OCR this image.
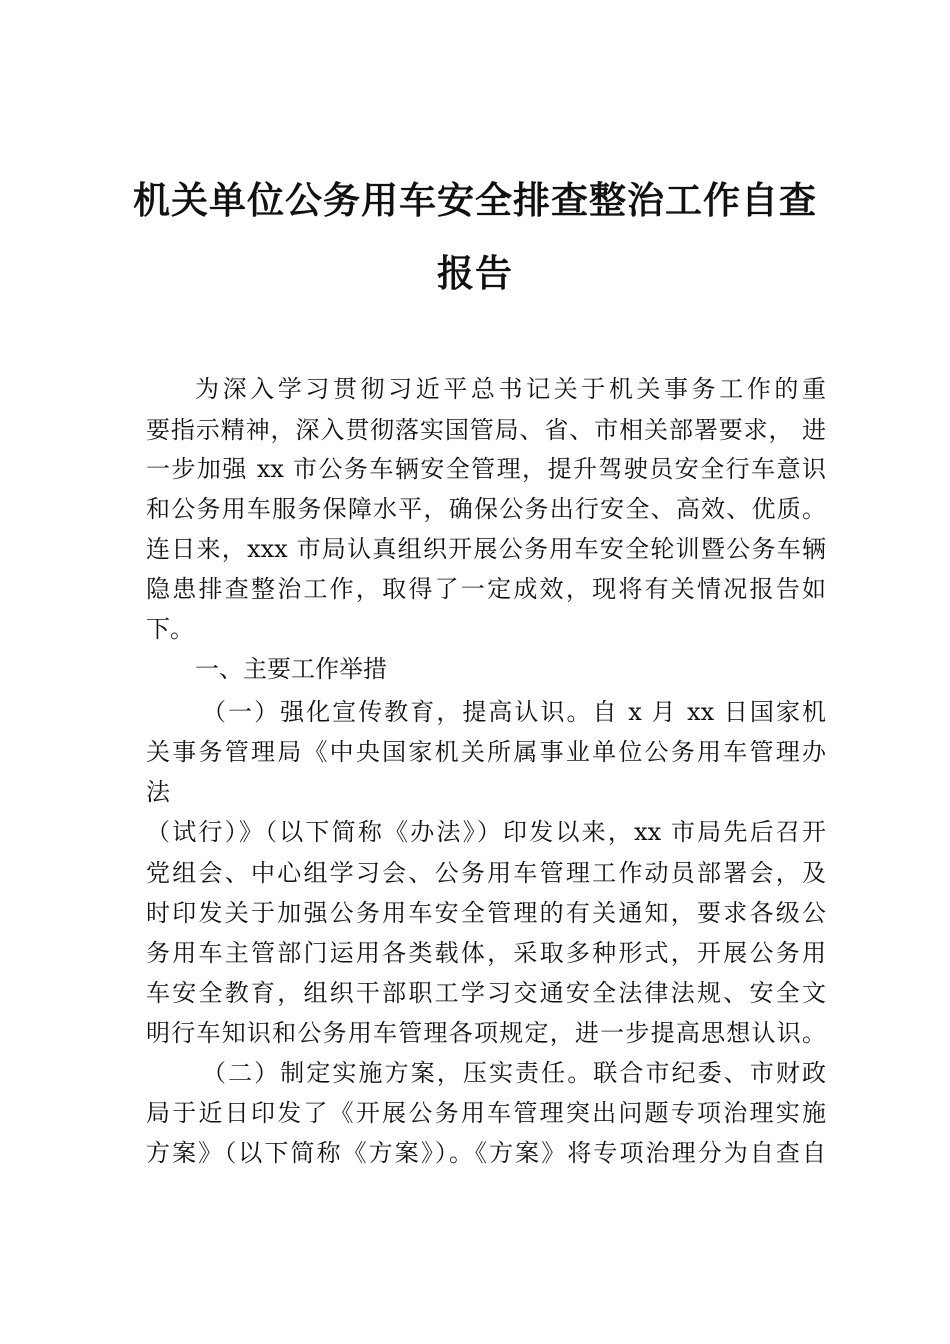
机关单位公务用车安全排查整治工作自查
报告

为深入学习贯彻习近平总书记关于机关事务工作的重

要指示精神，深入贯彻落实国管局、省、市相关部署要求， 进

一步加强 xx 市公务车辆安全管理，提升驾驶员安全行车意识

和公务用车服务保障水平，确保公务出行安全、高效、优质。

连日来，xxx 市局认真组织开展公务用车安全轮训暨公务车辆

隐患排查整治工作，取得了一定成效，现将有关情况报告如

下。

一、主要工作举措

（一）强化宣传教育，提高认识。自 x 月 xx 日国家机

关事务管理局《中央国家机关所属事业单位公务用车管理办

法

（试行）》（以下简称《办法》）印发以来，xx 市局先后召开

党组会、中心组学习会、公务用车管理工作动员部署会，及

时印发关于加强公务用车安全管理的有关通知，要求各级公

务用车主管部门运用各类载体，采取多种形式，开展公务用

车安全教育，组织干部职工学习交通安全法律法规、安全文

明行车知识和公务用车管理各项规定，进一步提高思想认识。

（二）制定实施方案，压实责任。联合市纪委、市财政

局于近日印发了《开展公务用车管理突出问题专项治理实施

方案》（以下简称《方案》）。《方案》将专项治理分为自查自
